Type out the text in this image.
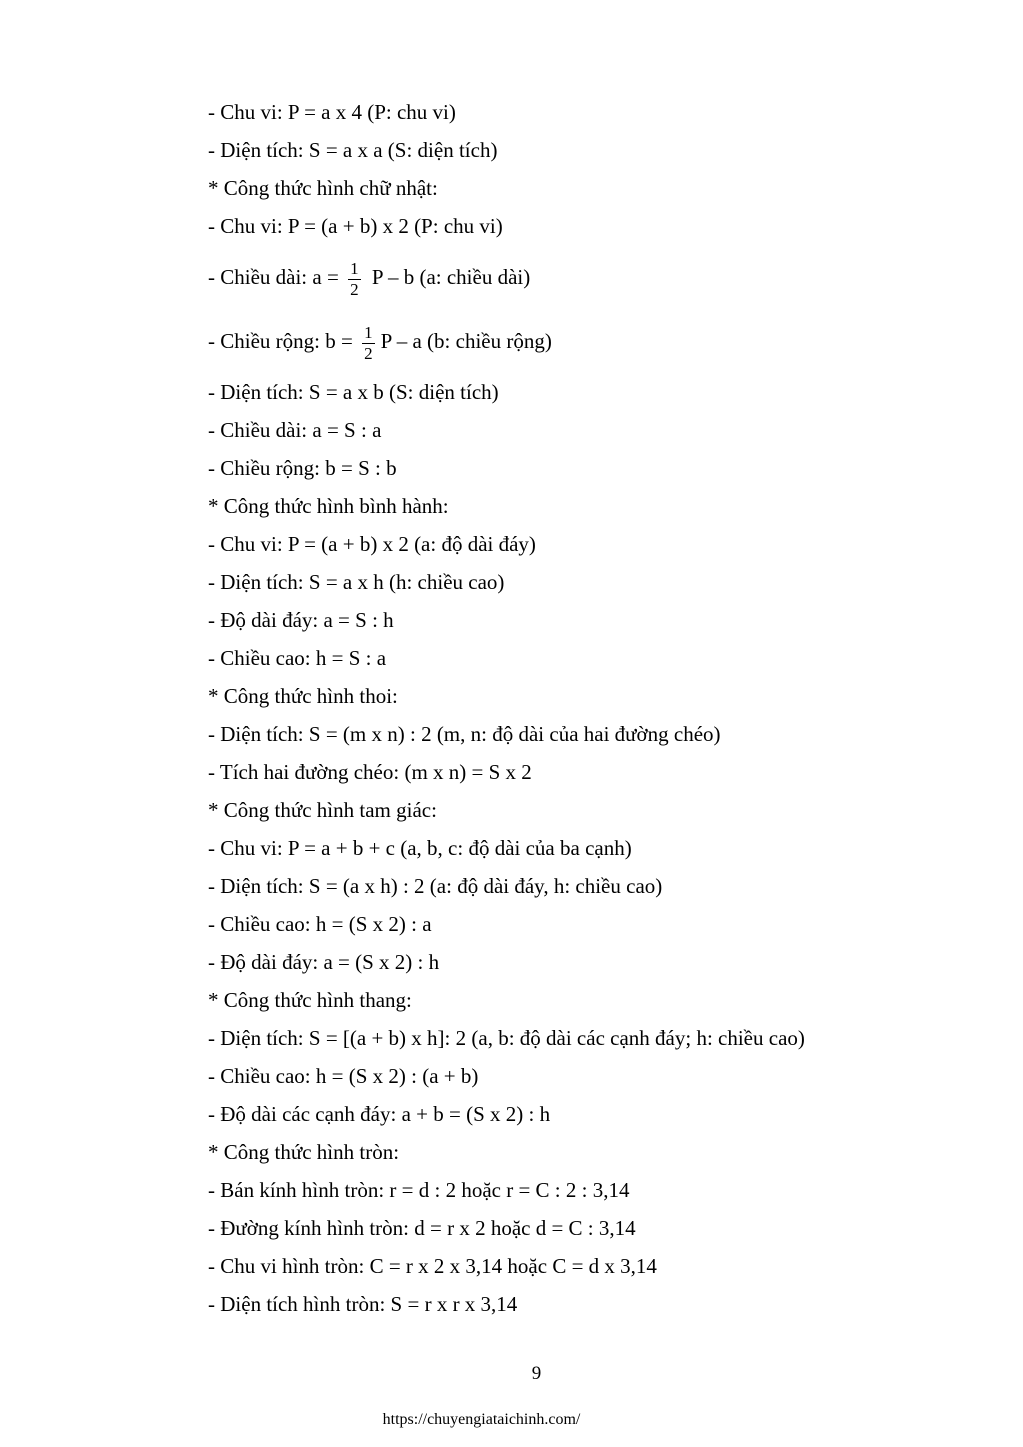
- Chu vi: P = a x 4 (P: chu vi)
- Diện tích: S = a x a (S: diện tích)
* Công thức hình chữ nhật:
- Chu vi: P = (a + b) x 2 (P: chu vi)
- Chiều dài: $a = \frac{1}{2}$ P – b (a: chiều dài)
- Chiều rộng: $b = \frac{1}{2}$ P – a (b: chiều rộng)
- Diện tích: S = a x b (S: diện tích)
- Chiều dài: a = S : a
- Chiều rộng: b = S : b
* Công thức hình bình hành:
- Chu vi: P = (a + b) x 2 (a: độ dài đáy)
- Diện tích: S = a x h (h: chiều cao)
- Độ dài đáy: a = S : h
- Chiều cao: h = S : a
* Công thức hình thoi:
- Diện tích: S = (m x n) : 2 (m, n: độ dài của hai đường chéo)
- Tích hai đường chéo: (m x n) = S x 2
* Công thức hình tam giác:
- Chu vi: P = a + b + c (a, b, c: độ dài của ba cạnh)
- Diện tích: S = (a x h) : 2 (a: độ dài đáy, h: chiều cao)
- Chiều cao: h = (S x 2) : a
- Độ dài đáy: a = (S x 2) : h
* Công thức hình thang:
- Diện tích: S = [(a + b) x h]: 2 (a, b: độ dài các cạnh đáy; h: chiều cao)
- Chiều cao: h = (S x 2) : (a + b)
- Độ dài các cạnh đáy: a + b = (S x 2) : h
* Công thức hình tròn:
- Bán kính hình tròn: r = d : 2 hoặc r = C : 2 : 3,14
- Đường kính hình tròn: d = r x 2 hoặc d = C : 3,14
- Chu vi hình tròn: C = r x 2 x 3,14 hoặc C = d x 3,14
- Diện tích hình tròn: S = r x r x 3,14
9
https://chuyengiataichinh.com/
